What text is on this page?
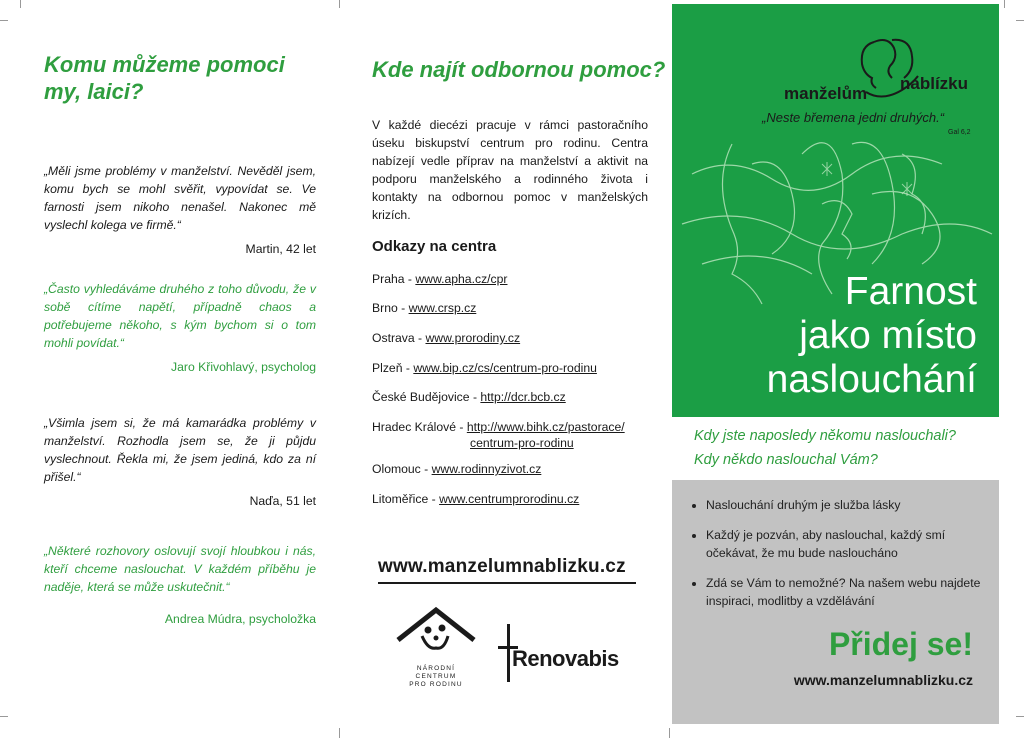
Komu můžeme pomoci
my, laici?

„Měli jsme problémy v manželství. Nevěděl jsem, komu bych se mohl svěřit, vypovídat se. Ve farnosti jsem nikoho nenašel. Nakonec mě vyslechl kolega ve firmě.“

Martin, 42 let

„Často vyhledáváme druhého z toho důvodu, že v sobě cítíme napětí, případně chaos a potřebujeme někoho, s kým bychom si o tom mohli povídat.“

Jaro Křivohlavý, psycholog

„Všimla jsem si, že má kamarádka problémy v manželství. Rozhodla jsem se, že ji půjdu vyslechnout. Řekla mi, že jsem jediná, kdo za ní přišel.“

Naďa, 51 let

„Některé rozhovory oslovují svojí hloubkou i nás, kteří chceme naslouchat. V každém příběhu je naděje, která se může uskutečnit.“

Andrea Múdra, psycholožka
Kde najít odbornou pomoc?

V každé diecézi pracuje v rámci pastoračního úseku biskupství centrum pro rodinu. Centra nabízejí vedle příprav na manželství a aktivit na podporu manželského a rodinného života i kontakty na odbornou pomoc v manželských krizích.

Odkazy na centra
Praha - www.apha.cz/cpr
Brno - www.crsp.cz
Ostrava - www.prorodiny.cz
Plzeň - www.bip.cz/cs/centrum-pro-rodinu
České Budějovice - http://dcr.bcb.cz
Hradec Králové - http://www.bihk.cz/pastorace/
centrum-pro-rodinu
Olomouc - www.rodinnyzivot.cz
Litoměřice - www.centrumprorodinu.cz
www.manzelumnablizku.cz
NÁRODNÍ
CENTRUM
PRO RODINU
Renovabis
manželům
nablízku
„Neste břemena jedni druhých.“
Gal 6,2
Farnost
jako místo
naslouchání
Kdy jste naposledy někomu naslouchali?
Kdy někdo naslouchal Vám?
• Naslouchání druhým je služba lásky
• Každý je pozván, aby naslouchal, každý smí očekávat, že mu bude nasloucháno
• Zdá se Vám to nemožné? Na našem webu najdete inspiraci, modlitby a vzdělávání
Přidej se!
www.manzelumnablizku.cz
